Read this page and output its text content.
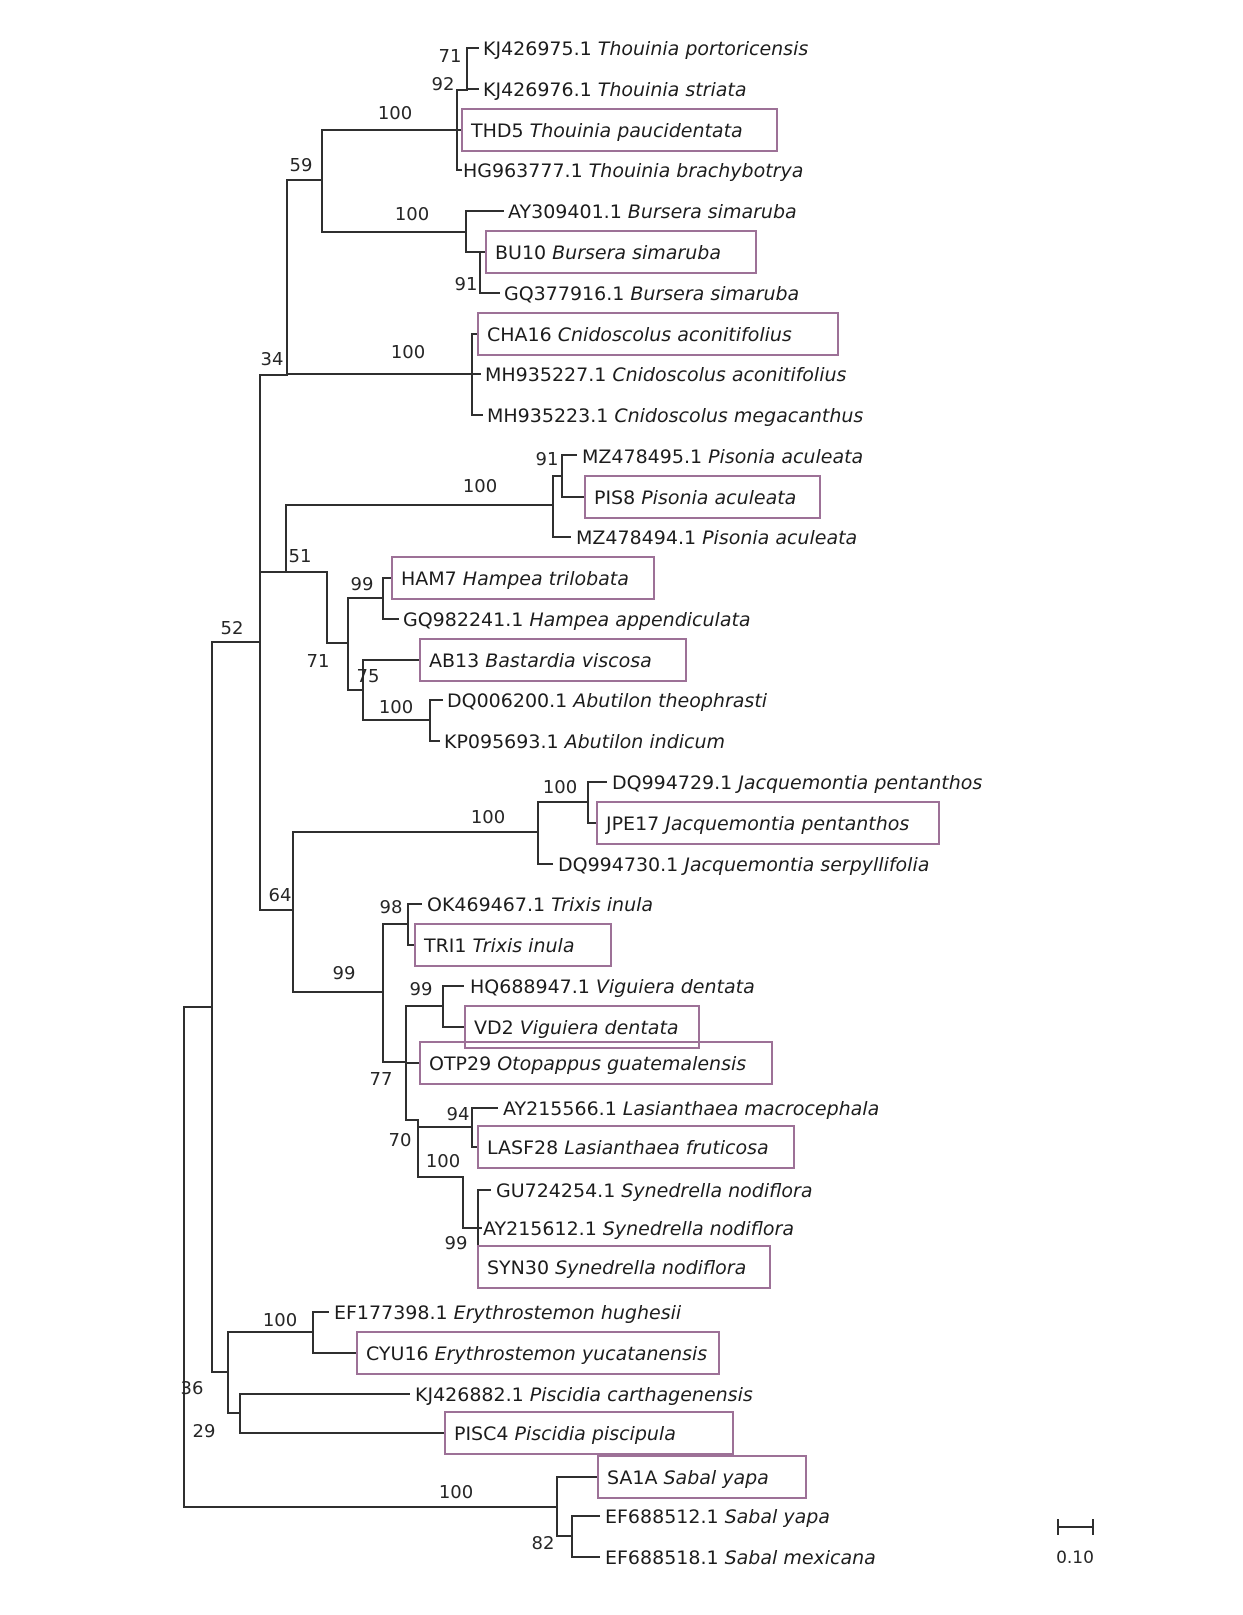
KJ426975.1 Thouinia portoricensis
KJ426976.1 Thouinia striata
THD5 Thouinia paucidentata
HG963777.1 Thouinia brachybotrya
AY309401.1 Bursera simaruba
BU10 Bursera simaruba
GQ377916.1 Bursera simaruba
CHA16 Cnidoscolus aconitifolius
MH935227.1 Cnidoscolus aconitifolius
MH935223.1 Cnidoscolus megacanthus
MZ478495.1 Pisonia aculeata
PIS8 Pisonia aculeata
MZ478494.1 Pisonia aculeata
HAM7 Hampea trilobata
GQ982241.1 Hampea appendiculata
AB13 Bastardia viscosa
DQ006200.1 Abutilon theophrasti
KP095693.1 Abutilon indicum
DQ994729.1 Jacquemontia pentanthos
JPE17 Jacquemontia pentanthos
DQ994730.1 Jacquemontia serpyllifolia
OK469467.1 Trixis inula
TRI1 Trixis inula
HQ688947.1 Viguiera dentata
VD2 Viguiera dentata
OTP29 Otopappus guatemalensis
AY215566.1 Lasianthaea macrocephala
LASF28 Lasianthaea fruticosa
GU724254.1 Synedrella nodiflora
AY215612.1 Synedrella nodiflora
SYN30 Synedrella nodiflora
EF177398.1 Erythrostemon hughesii
CYU16 Erythrostemon yucatanensis
KJ426882.1 Piscidia carthagenensis
PISC4 Piscidia piscipula
SA1A Sabal yapa
EF688512.1 Sabal yapa
EF688518.1 Sabal mexicana
71
92
100
59
100
91
34	100
91
100
51
52
99
71
75
100
100
100
64
99
98
99
77
94
70
100
99
100
36
29
100
82
0.10
